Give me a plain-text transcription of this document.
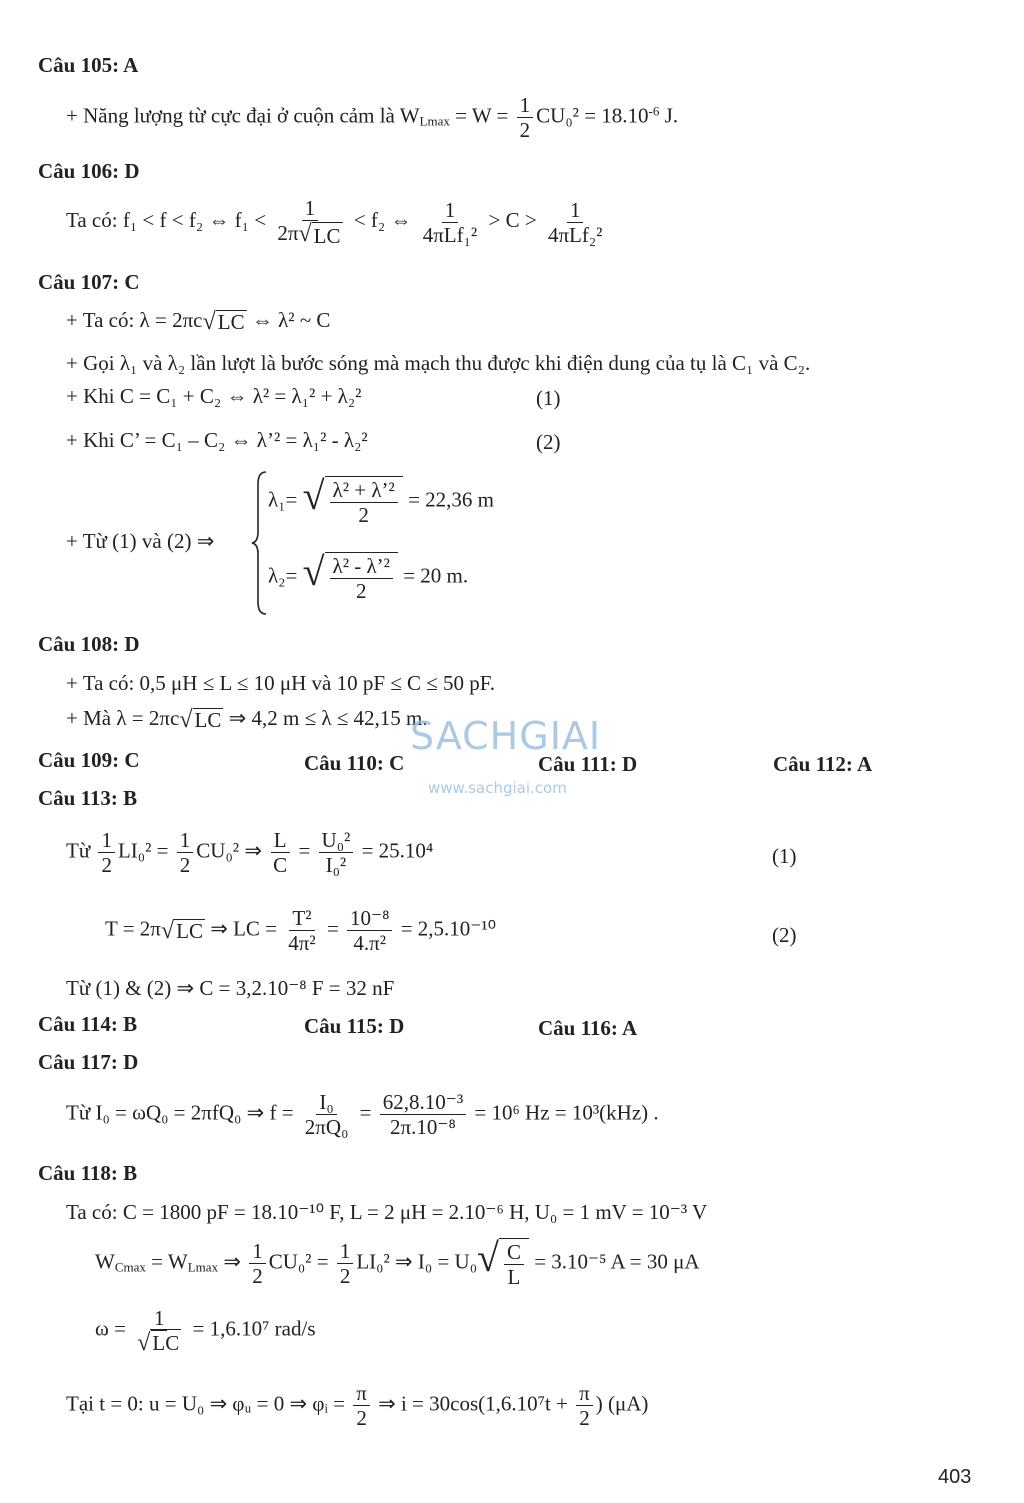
Câu 105: A
+ Năng lượng từ cực đại ở cuộn cảm là $W_{Lmax} = W = \frac{1}{2} CU_0^2 = 18.10^{-6}$ J.
Câu 106: D
Ta có: f₁ < f < f₂ ⇔ $f_1 < \frac{1}{2\pi √ LC} < f_2$ ⇔ 1
4πLf₁²
> C > 1
4πLf₂²
Câu 107: C
+ Ta có: λ = 2πc √ LC ⇔ λ² ~ C
+ Gọi λ₁ và λ₂ lần lượt là bước sóng mà mạch thu được khi điện dung của tụ là C₁ và C₂.
+ Khi C = C₁ + C₂ ⇔ λ² = λ₁² + λ₂²	(1)
+ Khi C’ = C₁ – C₂ ⇔ λ’² = λ₁² - λ₂²	(2)
+ Từ (1) và (2) ⇒
λ₁= √ $\frac{\text{λ² + λ’²}}{2} = 22,36$ m
λ₂= √ $\frac{\text{λ² - λ’²}}{2} = 20$ m.
Câu 108: D
+ Ta có: 0,5 μH ≤ L ≤ 10 μH và 10 pF ≤ C ≤ 50 pF.
+ Mà λ = 2πc √ LC ⇒ 4,2 m ≤ λ ≤ 42,15 m.
SACHGIAI
www.sachgiai.com
Câu 109: C	Câu 110: C	Câu 111: D	Câu 112: A
Câu 113: B
Từ $\frac{1}{2} LI_0^2 = \frac{1}{2} CU_0^2$ ⇒ $\frac{L}{C} = \frac{\text{U₀²}}{\text{I₀²}} = 25.10^4$	(1)
T = 2π √ LC ⇒ LC = $\frac{\text{T²}}{\text{4π²}} = \frac{\text{10⁻⁸}}{\text{4.π²}} = 2,5.10^{-10}$	(2)
Từ (1) & (2) ⇒ C = 3,2.10⁻⁸ F = 32 nF
Câu 114: B	Câu 115: D	Câu 116: A
Câu 117: D
Từ I₀ = ωQ₀ = 2πfQ₀ ⇒ $f = \frac{\text{I₀}}{\text{2πQ₀}} = \frac{\text{62,8.10⁻³}}{\text{2π.10⁻⁸}} = 10^6$ Hz = 10³(kHz) .
Câu 118: B
Ta có: C = 1800 pF = 18.10⁻¹⁰ F, L = 2 μH = 2.10⁻⁶ H, U₀ = 1 mV = 10⁻³ V
$W_{Cmax} = W_{Lmax}$ ⇒ $\frac{1}{2} CU_0^2 = \frac{1}{2} LI_0^2$ ⇒ I₀ = U₀ √ $\frac{C}{L} = 3.10^{-5}$ A = 30 μA
$\omega = \frac{1}{√LC} = 1,6.10^7$ rad/s
Tại t = 0: u = U₀ ⇒ φᵤ = 0 ⇒ φᵢ = $\frac{\pi}{2}$ ⇒ $i = 30\cos(1,6.10^7t + \frac{\pi}{2}$ ) (μA)
403
